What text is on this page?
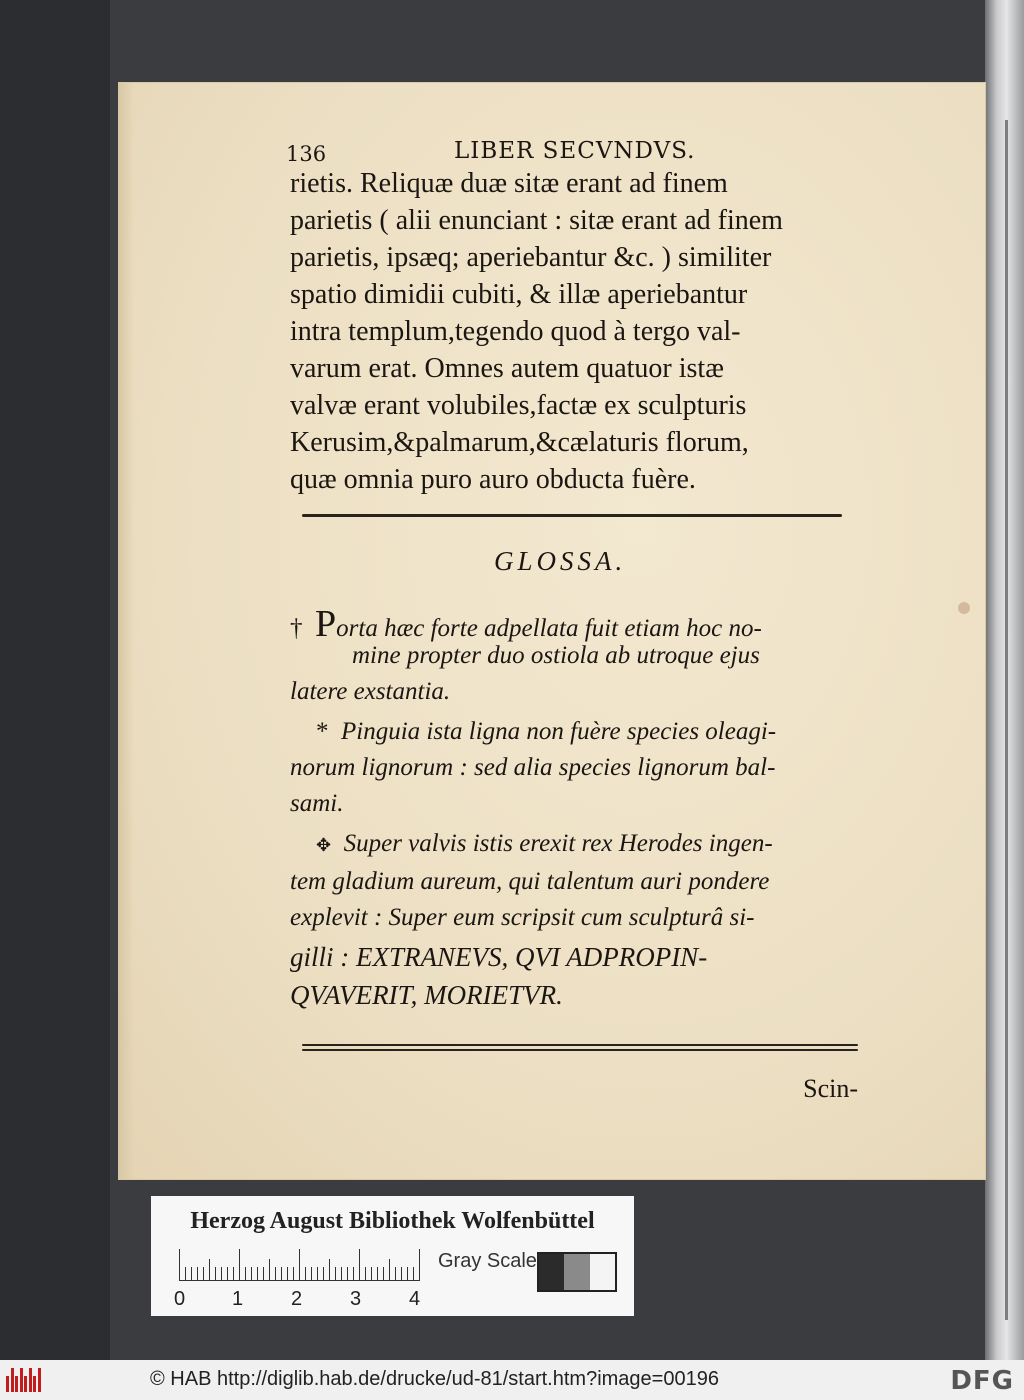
136	LIBER SECVNDVS.
rietis. Reliquæ duæ sitæ erant ad finem
parietis ( alii enunciant : sitæ erant ad finem
parietis, ipsæq; aperiebantur &c. ) similiter
spatio dimidii cubiti, & illæ aperiebantur
intra templum,tegendo quod à tergo val-
varum erat. Omnes autem quatuor istæ
valvæ erant volubiles,factæ ex sculpturis
Kerusim,&palmarum,&cælaturis florum,
quæ omnia puro auro obducta fuère.
GLOSSA.
† Porta hæc forte adpellata fuit etiam hoc no-
mine propter duo ostiola ab utroque ejus
latere exstantia.
* Pinguia ista ligna non fuère species oleagi-
norum lignorum : sed alia species lignorum bal-
sami.
✥ Super valvis istis erexit rex Herodes ingen-
tem gladium aureum, qui talentum auri pondere
explevit : Super eum scripsit cum sculpturâ si-
gilli : EXTRANEVS, QVI ADPROPIN-
QVAVERIT, MORIETVR.
Scin-
Herzog August Bibliothek Wolfenbüttel
0 1 2 3 4
Gray Scale
© HAB http://diglib.hab.de/drucke/ud-81/start.htm?image=00196	DFG
